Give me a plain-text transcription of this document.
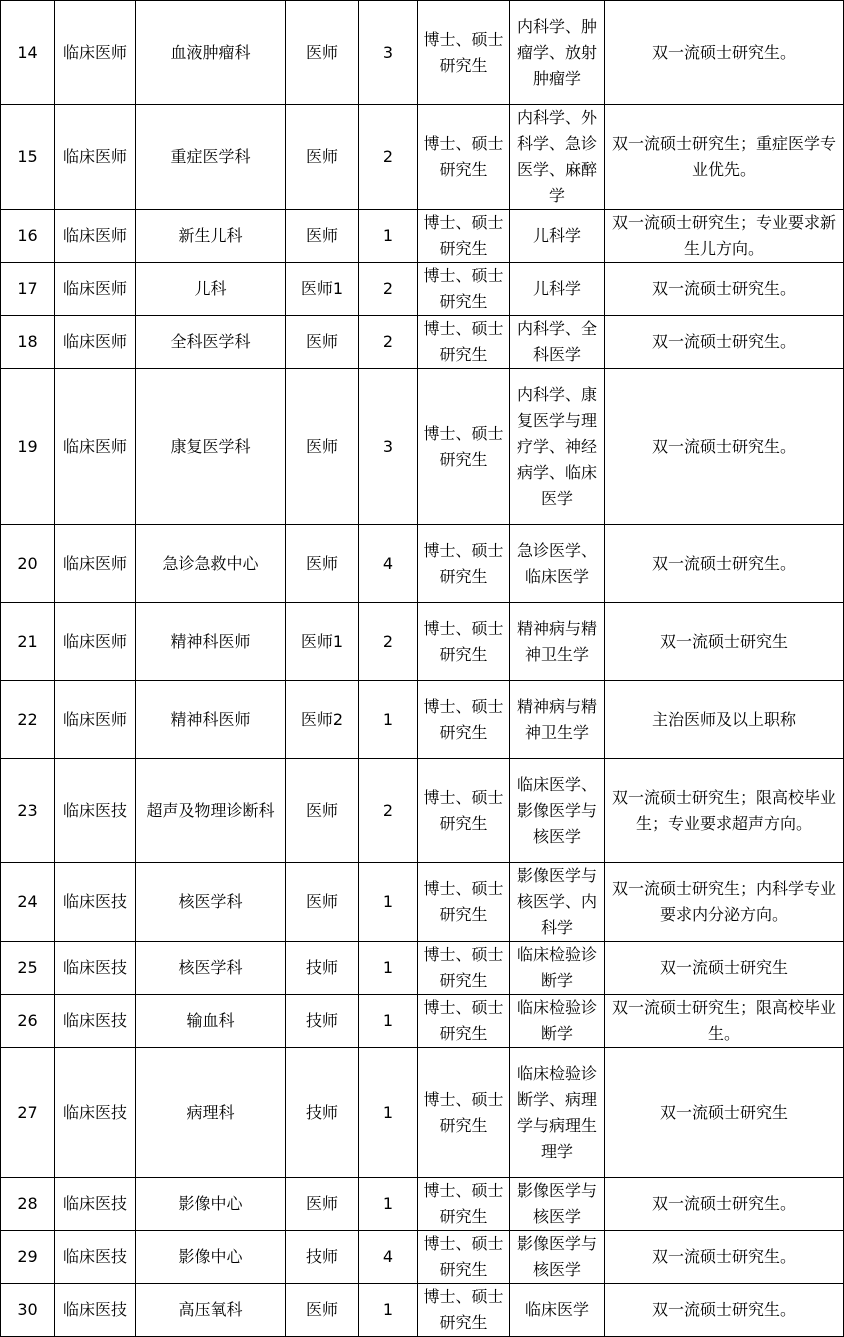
14	临床医师	血液肿瘤科	医师	3	博士、硕士研究生	内科学、肿瘤学、放射肿瘤学	双一流硕士研究生。
15	临床医师	重症医学科	医师	2	博士、硕士研究生	内科学、外科学、急诊医学、麻醉学	双一流硕士研究生；重症医学专业优先。
16	临床医师	新生儿科	医师	1	博士、硕士研究生	儿科学	双一流硕士研究生；专业要求新生儿方向。
17	临床医师	儿科	医师1	2	博士、硕士研究生	儿科学	双一流硕士研究生。
18	临床医师	全科医学科	医师	2	博士、硕士研究生	内科学、全科医学	双一流硕士研究生。
19	临床医师	康复医学科	医师	3	博士、硕士研究生	内科学、康复医学与理疗学、神经病学、临床医学	双一流硕士研究生。
20	临床医师	急诊急救中心	医师	4	博士、硕士研究生	急诊医学、临床医学	双一流硕士研究生。
21	临床医师	精神科医师	医师1	2	博士、硕士研究生	精神病与精神卫生学	双一流硕士研究生
22	临床医师	精神科医师	医师2	1	博士、硕士研究生	精神病与精神卫生学	主治医师及以上职称
23	临床医技	超声及物理诊断科	医师	2	博士、硕士研究生	临床医学、影像医学与核医学	双一流硕士研究生；限高校毕业生；专业要求超声方向。
24	临床医技	核医学科	医师	1	博士、硕士研究生	影像医学与核医学、内科学	双一流硕士研究生；内科学专业要求内分泌方向。
25	临床医技	核医学科	技师	1	博士、硕士研究生	临床检验诊断学	双一流硕士研究生
26	临床医技	输血科	技师	1	博士、硕士研究生	临床检验诊断学	双一流硕士研究生；限高校毕业生。
27	临床医技	病理科	技师	1	博士、硕士研究生	临床检验诊断学、病理学与病理生理学	双一流硕士研究生
28	临床医技	影像中心	医师	1	博士、硕士研究生	影像医学与核医学	双一流硕士研究生。
29	临床医技	影像中心	技师	4	博士、硕士研究生	影像医学与核医学	双一流硕士研究生。
30	临床医技	高压氧科	医师	1	博士、硕士研究生	临床医学	双一流硕士研究生。
